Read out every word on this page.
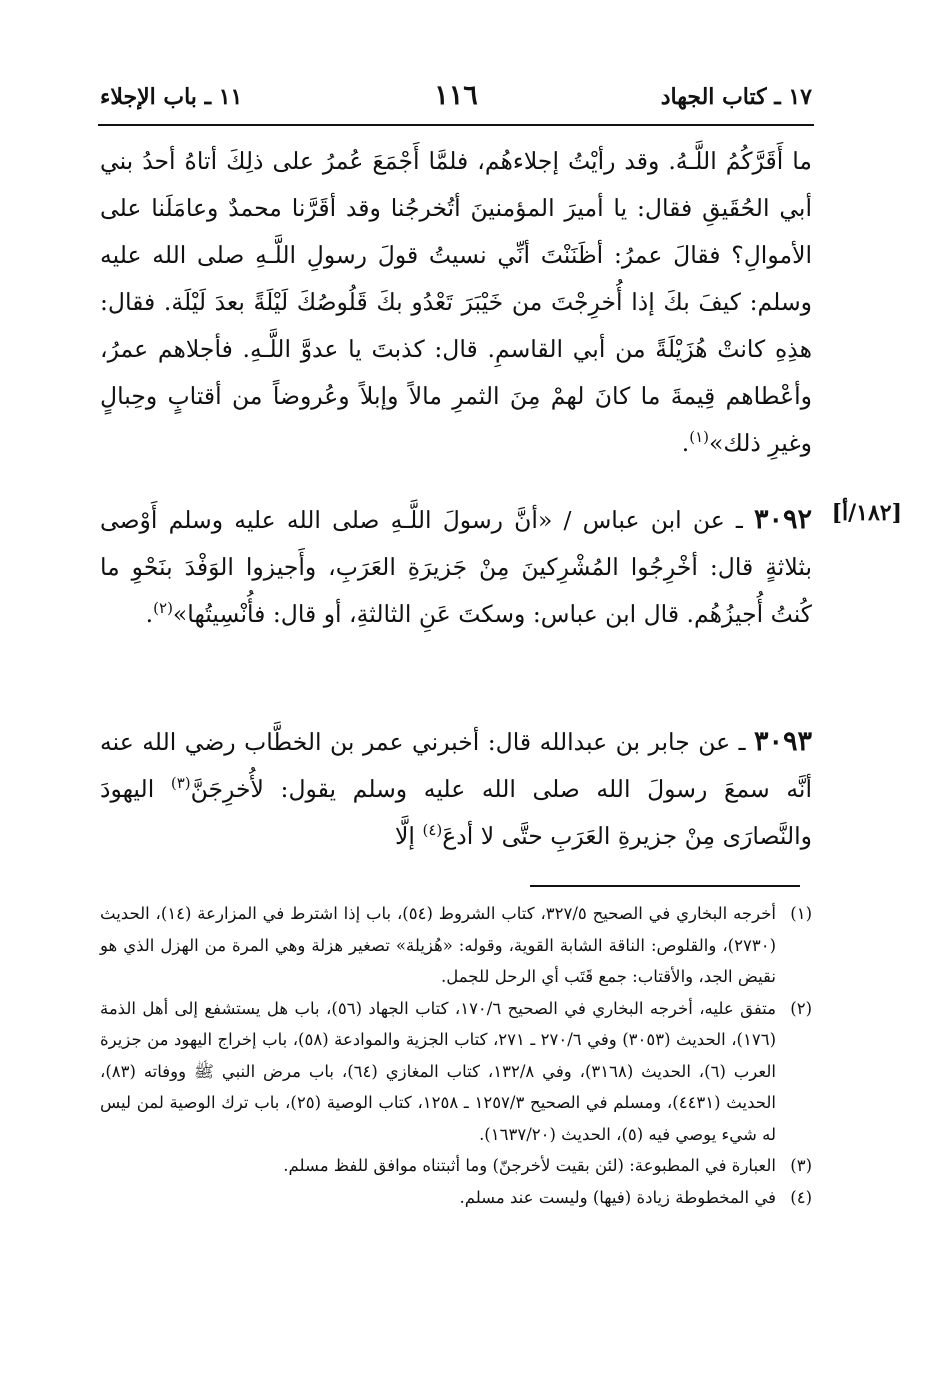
١٧ ـ كتاب الجهاد
١١٦
١١ ـ باب الإجلاء
ما أَقَرَّكُمُ اللَّـهُ. وقد رأيْتُ إجلاءهُم، فلمَّا أَجْمَعَ عُمرُ على ذلِكَ أتاهُ أحدُ بني أبي الحُقَيقِ فقال: يا أميرَ المؤمنينَ أتُخرجُنا وقد أقَرَّنا محمدٌ وعامَلَنا على الأموالِ؟ فقالَ عمرُ: أظَنَنْتَ أنِّي نسيتُ قولَ رسولِ اللَّـهِ صلى الله عليه وسلم: كيفَ بكَ إذا أُخرِجْتَ من خَيْبَرَ تَعْدُو بكَ قَلُوصُكَ لَيْلَةً بعدَ لَيْلَة. فقال: هذِهِ كانتْ هُزَيْلَةً من أبي القاسمِ. قال: كذبتَ يا عدوَّ اللَّـهِ. فأجلاهم عمرُ، وأعْطاهم قِيمةَ ما كانَ لهمْ مِنَ الثمرِ مالاً وإبلاً وعُروضاً من أقتابٍ وحِبالٍ وغيرِ ذلك»$^{(١)}$.
[١٨٢/أ]
٣٠٩٢ ـ عن ابن عباس / «أنَّ رسولَ اللَّـهِ صلى الله عليه وسلم أَوْصى بثلاثةٍ قال: أخْرِجُوا المُشْرِكينَ مِنْ جَزيرَةِ العَرَبِ، وأَجيزوا الوَفْدَ بنَحْوِ ما كُنتُ أُجيزُهُم. قال ابن عباس: وسكتَ عَنِ الثالثةِ، أو قال: فأُنْسِيتُها»$^{(٢)}$.
٣٠٩٣ ـ عن جابر بن عبدالله قال: أخبرني عمر بن الخطَّاب رضي الله عنه أنَّه سمعَ رسولَ الله صلى الله عليه وسلم يقول: لأُخرِجَنَّ$^{(٣)}$ اليهودَ والنَّصارَى مِنْ جزيرةِ العَرَبِ حتَّى لا أدعَ$^{(٤)}$ إلَّا

(١)
أخرجه البخاري في الصحيح ٣٢٧/٥، كتاب الشروط (٥٤)، باب إذا اشترط في المزارعة (١٤)، الحديث (٢٧٣٠)، والقلوص: الناقة الشابة القوية، وقوله: «هُزيلة» تصغير هزلة وهي المرة من الهزل الذي هو نقيض الجد، والأقتاب: جمع قَتَب أي الرحل للجمل.

(٢)
متفق عليه، أخرجه البخاري في الصحيح ١٧٠/٦، كتاب الجهاد (٥٦)، باب هل يستشفع إلى أهل الذمة (١٧٦)، الحديث (٣٠٥٣) وفي ٢٧٠/٦ ـ ٢٧١، كتاب الجزية والموادعة (٥٨)، باب إخراج اليهود من جزيرة العرب (٦)، الحديث (٣١٦٨)، وفي ١٣٢/٨، كتاب المغازي (٦٤)، باب مرض النبي ﷺ ووفاته (٨٣)، الحديث (٤٤٣١)، ومسلم في الصحيح ١٢٥٧/٣ ـ ١٢٥٨، كتاب الوصية (٢٥)، باب ترك الوصية لمن ليس له شيء يوصي فيه (٥)، الحديث (١٦٣٧/٢٠).

(٣)
العبارة في المطبوعة: (لئن بقيت لأخرجنّ) وما أثبتناه موافق للفظ مسلم.

(٤)
في المخطوطة زيادة (فيها) وليست عند مسلم.
